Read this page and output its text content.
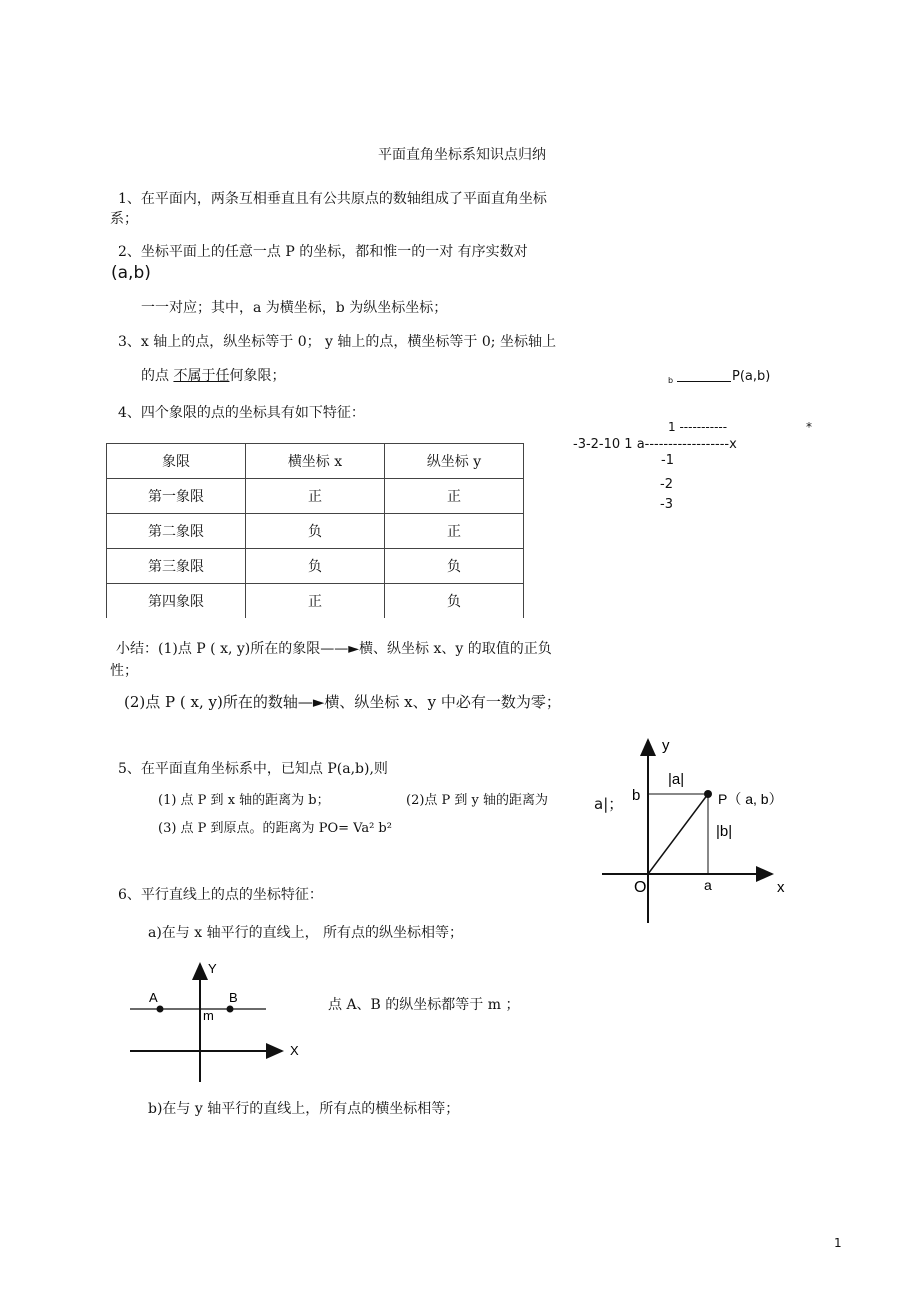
平面直角坐标系知识点归纳
1、在平面内，两条互相垂直且有公共原点的数轴组成了平面直角坐标
系；
2、坐标平面上的任意一点 P 的坐标，都和惟一的一对 有序实数对
(a,b)
一一对应；其中，a 为横坐标，b 为纵坐标坐标；
3、x 轴上的点，纵坐标等于 0； y 轴上的点，横坐标等于 0; 坐标轴上
的点 不属于任何象限；
4、四个象限的点的坐标具有如下特征：
象限	横坐标 x	纵坐标 y
第一象限	正	正
第二象限	负	正
第三象限	负	负
第四象限	正	负
b	P(a,b)
1 -----------	*
-3-2-10 1 a------------------x
-1
-2
-3
小结：(1)点 P ( x, y)所在的象限——►横、纵坐标 x、y 的取值的正负
性；
(2)点 P ( x, y)所在的数轴—►横、纵坐标 x、y 中必有一数为零；
5、在平面直角坐标系中，已知点 P(a,b),则
(1) 点 P 到 x 轴的距离为 b；	(2)点 P 到 y 轴的距离为	a|；
(3) 点 P 到原点。的距离为 PO= Va² b²
y
x
O
b
a
|a|
|b|
P（ a, b）
6、平行直线上的点的坐标特征：
a)在与 x 轴平行的直线上， 所有点的纵坐标相等；
点 A、B 的纵坐标都等于 m ；
b)在与 y 轴平行的直线上，所有点的横坐标相等；
Y
X
A	B
m
1
